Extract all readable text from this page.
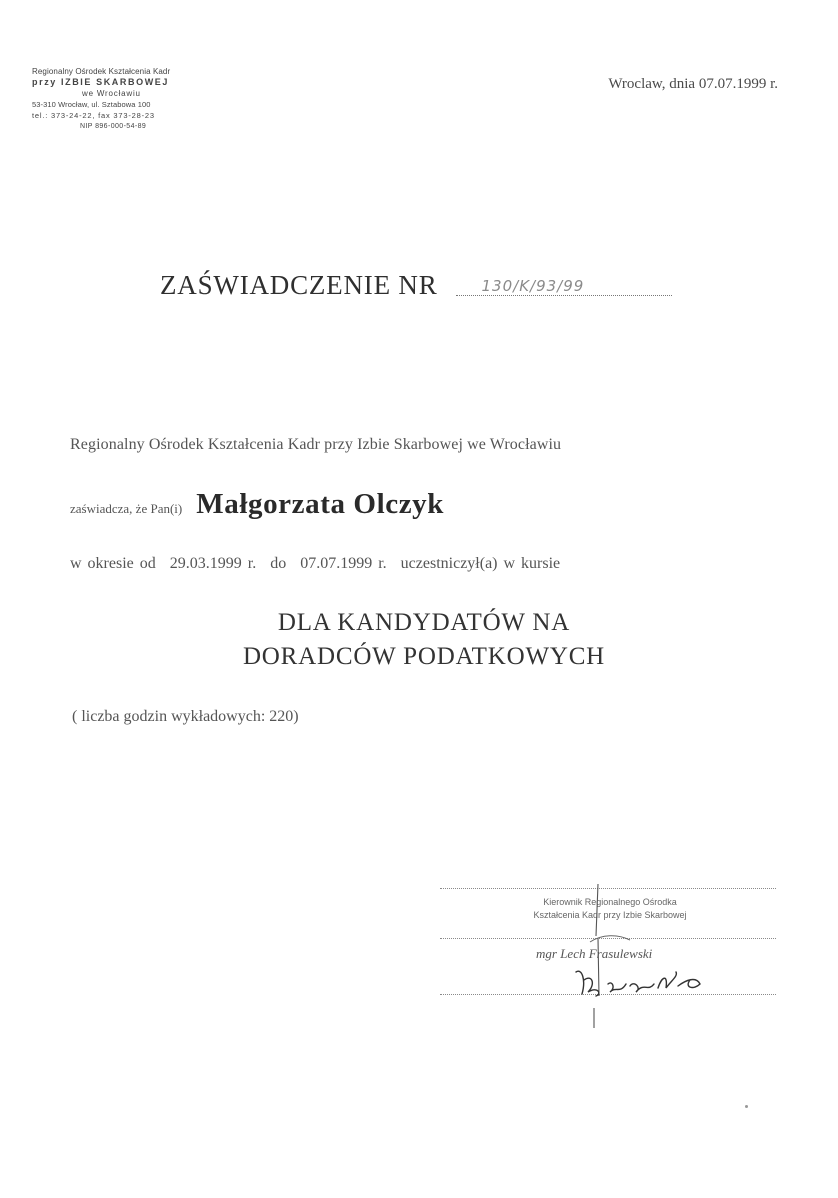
Regionalny Ośrodek Kształcenia Kadr
przy IZBIE SKARBOWEJ
we Wrocławiu
53-310 Wrocław, ul. Sztabowa 100
tel.: 373-24-22, fax 373-28-23
NIP 896-000-54-89
Wroclaw, dnia 07.07.1999 r.
ZAŚWIADCZENIE NR	130/K/93/99
Regionalny Ośrodek Kształcenia Kadr przy Izbie Skarbowej we Wrocławiu
zaświadcza, że Pan(i) Małgorzata Olczyk
w okresie od 29.03.1999 r. do 07.07.1999 r. uczestniczył(a) w kursie
DLA KANDYDATÓW NA
DORADCÓW PODATKOWYCH
( liczba godzin wykładowych: 220)
Kierownik Regionalnego Ośrodka
Kształcenia Kadr przy Izbie Skarbowej
mgr Lech Frasulewski
